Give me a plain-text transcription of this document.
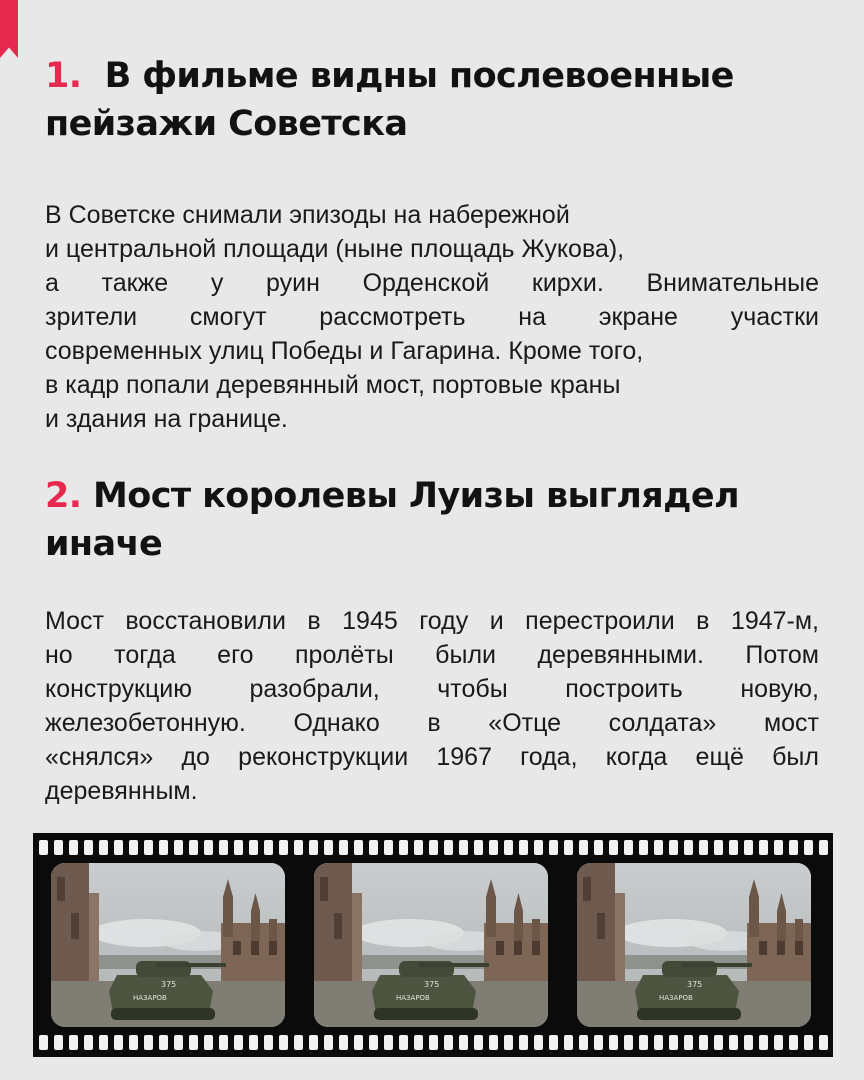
1. В фильме видны послевоенные пейзажи Советска
В Советске снимали эпизоды на набережной
и центральной площади (ныне площадь Жукова),
а также у руин Орденской кирхи. Внимательные
зрители смогут рассмотреть на экране участки
современных улиц Победы и Гагарина. Кроме того,
в кадр попали деревянный мост, портовые краны
и здания на границе.
2. Мост королевы Луизы выглядел иначе
Мост восстановили в 1945 году и перестроили в 1947-м,
но тогда его пролёты были деревянными. Потом
конструкцию разобрали, чтобы построить новую,
железобетонную. Однако в «Отце солдата» мост
«снялся» до реконструкции 1967 года, когда ещё был
деревянным.
375
НАЗАРОВ
375
НАЗАРОВ
375
НАЗАРОВ
